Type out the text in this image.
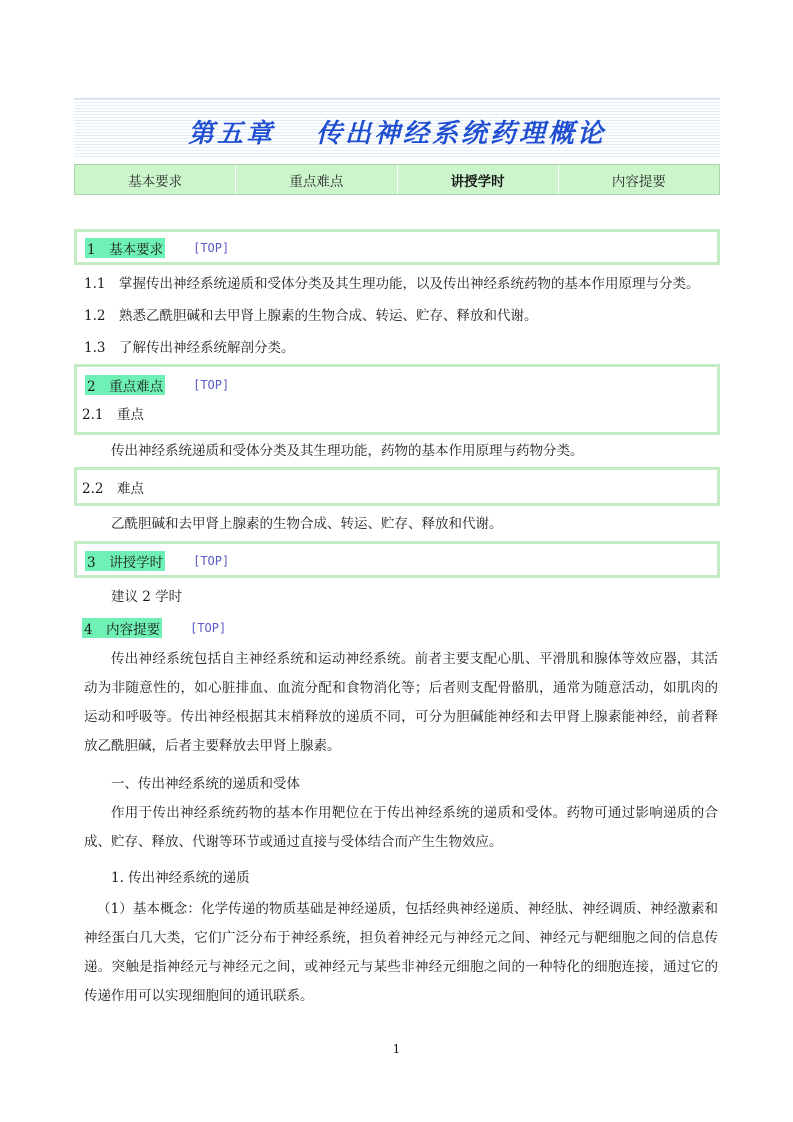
第五章　 传出神经系统药理概论
基本要求	重点难点	讲授学时	内容提要
1　 基本要求	[TOP]
1.1　 掌握传出神经系统递质和受体分类及其生理功能，以及传出神经系统药物的基本作用原理与分类。
1.2　 熟悉乙酰胆碱和去甲肾上腺素的生物合成、转运、贮存、释放和代谢。
1.3　 了解传出神经系统解剖分类。
2　 重点难点	[TOP]
2.1　 重点
传出神经系统递质和受体分类及其生理功能，药物的基本作用原理与药物分类。
2.2　 难点
乙酰胆碱和去甲肾上腺素的生物合成、转运、贮存、释放和代谢。
3　 讲授学时	[TOP]
建议 2 学时
4　 内容提要	[TOP]
传出神经系统包括自主神经系统和运动神经系统。前者主要支配心肌、平滑肌和腺体等效应器，其活动为非随意性的，如心脏排血、血流分配和食物消化等；后者则支配骨骼肌，通常为随意活动，如肌肉的运动和呼吸等。传出神经根据其末梢释放的递质不同，可分为胆碱能神经和去甲肾上腺素能神经，前者释放乙酰胆碱，后者主要释放去甲肾上腺素。
一、传出神经系统的递质和受体
作用于传出神经系统药物的基本作用靶位在于传出神经系统的递质和受体。药物可通过影响递质的合成、贮存、释放、代谢等环节或通过直接与受体结合而产生生物效应。
1. 传出神经系统的递质
（1）基本概念：化学传递的物质基础是神经递质，包括经典神经递质、神经肽、神经调质、神经激素和神经蛋白几大类，它们广泛分布于神经系统，担负着神经元与神经元之间、神经元与靶细胞之间的信息传递。突触是指神经元与神经元之间，或神经元与某些非神经元细胞之间的一种特化的细胞连接，通过它的传递作用可以实现细胞间的通讯联系。
1
